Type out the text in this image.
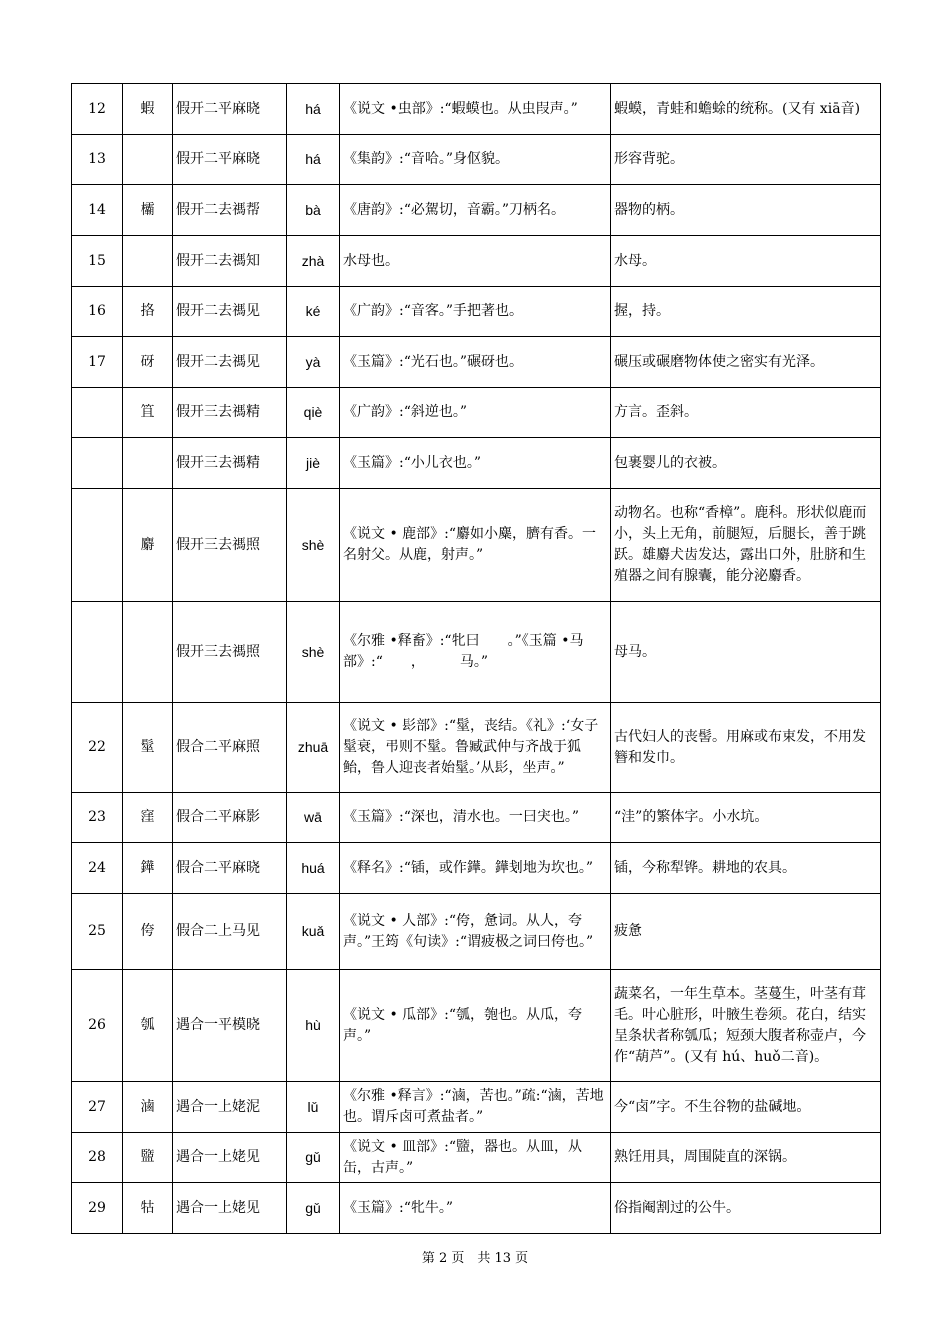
12	蝦	假开二平麻晓	há	《说文 •虫部》:“蝦蟆也。从虫叚声。”	蝦蟆，青蛙和蟾蜍的统称。(又有 xiā音)
13		假开二平麻晓	há	《集韵》:“音哈。”身伛貌。	形容背驼。
14	欛	假开二去禡帮	bà	《唐韵》:“必駕切，音霸。”刀柄名。	器物的柄。
15		假开二去禡知	zhà	水母也。	水母。
16	挌	假开二去禡见	ké	《广韵》:“音客。”手把著也。	握，持。
17	砑	假开二去禡见	yà	《玉篇》:“光石也。”碾砑也。	碾压或碾磨物体使之密实有光泽。
	笡	假开三去禡精	qiè	《广韵》:“斜逆也。”	方言。歪斜。
		假开三去禡精	jiè	《玉篇》:“小儿衣也。”	包裹婴儿的衣被。
	麝	假开三去禡照	shè	《说文 • 鹿部》:“麝如小麋，臍有香。一名射父。从鹿，射声。”	动物名。也称“香樟”。鹿科。形状似鹿而小，头上无角，前腿短，后腿长，善于跳跃。雄麝犬齿发达，露出口外，肚脐和生殖器之间有腺囊，能分泌麝香。
		假开三去禡照	shè	《尔雅 •释畜》:“牝曰　　。”《玉篇 •马部》:“　　，　　　马。”	母马。
22	髽	假合二平麻照	zhuā	《说文 • 髟部》:“髽，丧结。《礼》:‘女子髽衰，弔则不髽。鲁臧武仲与齐战于狐鲐，鲁人迎丧者始髽。’从髟，坐声。”	古代妇人的丧髻。用麻或布束发，不用发簪和发巾。
23	窪	假合二平麻影	wā	《玉篇》:“深也，清水也。一曰宊也。”	“洼”的繁体字。小水坑。
24	鏵	假合二平麻晓	huá	《释名》:“锸，或作鏵。鏵刬地为坎也。”	锸，今称犁铧。耕地的农具。
25	侉	假合二上马见	kuǎ	《说文 • 人部》:“侉，惫词。从人，夸声。”王筠《句读》:“谓疲极之词曰侉也。”	疲惫
26	瓠	遇合一平模晓	hù	《说文 • 瓜部》:“瓠，匏也。从瓜，夸声。”	蔬菜名，一年生草本。茎蔓生，叶茎有茸毛。叶心脏形，叶腋生卷须。花白，结实呈条状者称瓠瓜；短颈大腹者称壶卢，今作“葫芦”。(又有 hú、huǒ二音)。
27	滷	遇合一上姥泥	lǔ	《尔雅 •释言》:“滷，苦也。”疏:“滷，苦地也。谓斥卤可煮盐者。”	今“卤”字。不生谷物的盐碱地。
28	盬	遇合一上姥见	gǔ	《说文 • 皿部》:“盬，器也。从皿，从缶，古声。”	熟饪用具，周围陡直的深锅。
29	牯	遇合一上姥见	gǔ	《玉篇》:“牝牛。”	俗指阉割过的公牛。
第 2 页　共 13 页
